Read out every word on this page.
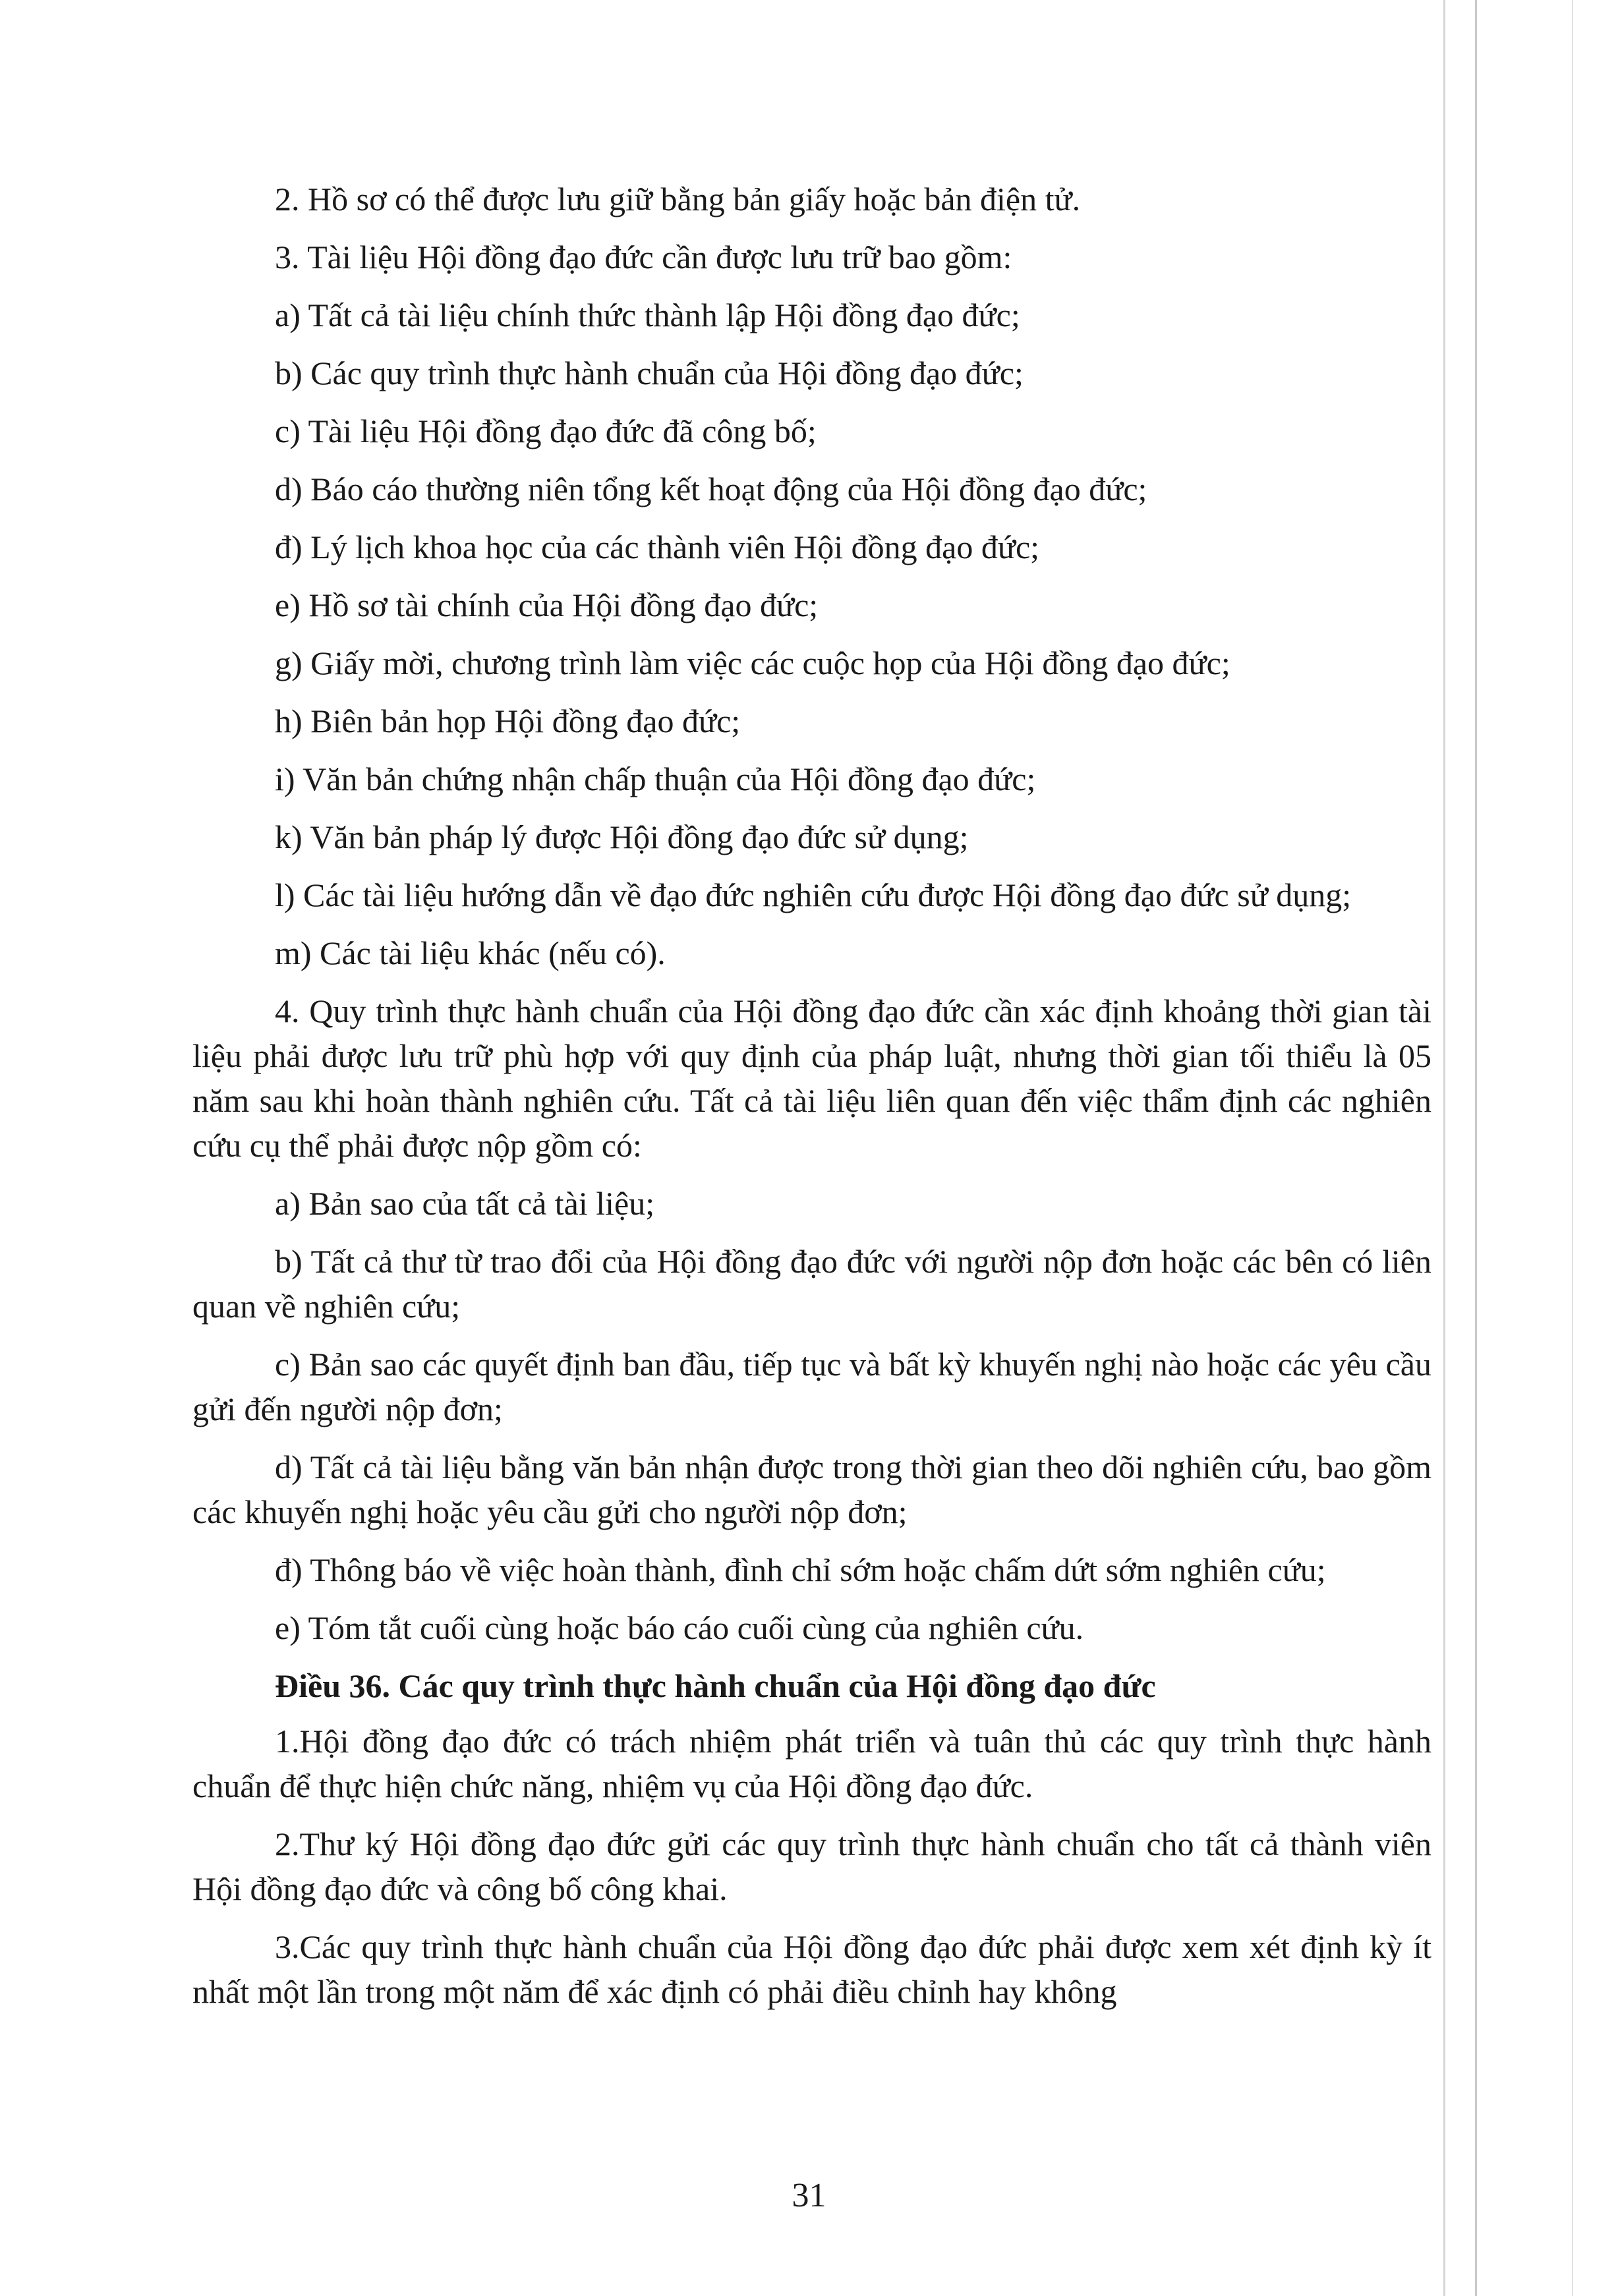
2. Hồ sơ có thể được lưu giữ bằng bản giấy hoặc bản điện tử.

3. Tài liệu Hội đồng đạo đức cần được lưu trữ bao gồm:

a) Tất cả tài liệu chính thức thành lập Hội đồng đạo đức;

b) Các quy trình thực hành chuẩn của Hội đồng đạo đức;

c) Tài liệu Hội đồng đạo đức đã công bố;

d) Báo cáo thường niên tổng kết hoạt động của Hội đồng đạo đức;

đ) Lý lịch khoa học của các thành viên Hội đồng đạo đức;

e) Hồ sơ tài chính của Hội đồng đạo đức;

g) Giấy mời, chương trình làm việc các cuộc họp của Hội đồng đạo đức;

h) Biên bản họp Hội đồng đạo đức;

i) Văn bản chứng nhận chấp thuận của Hội đồng đạo đức;

k) Văn bản pháp lý được Hội đồng đạo đức sử dụng;

l) Các tài liệu hướng dẫn về đạo đức nghiên cứu được Hội đồng đạo đức sử dụng;

m) Các tài liệu khác (nếu có).

4. Quy trình thực hành chuẩn của Hội đồng đạo đức cần xác định khoảng thời gian tài liệu phải được lưu trữ phù hợp với quy định của pháp luật, nhưng thời gian tối thiểu là 05 năm sau khi hoàn thành nghiên cứu. Tất cả tài liệu liên quan đến việc thẩm định các nghiên cứu cụ thể phải được nộp gồm có:

a) Bản sao của tất cả tài liệu;

b) Tất cả thư từ trao đổi của Hội đồng đạo đức với người nộp đơn hoặc các bên có liên quan về nghiên cứu;

c) Bản sao các quyết định ban đầu, tiếp tục và bất kỳ khuyến nghị nào hoặc các yêu cầu gửi đến người nộp đơn;

d) Tất cả tài liệu bằng văn bản nhận được trong thời gian theo dõi nghiên cứu, bao gồm các khuyến nghị hoặc yêu cầu gửi cho người nộp đơn;

đ) Thông báo về việc hoàn thành, đình chỉ sớm hoặc chấm dứt sớm nghiên cứu;

e) Tóm tắt cuối cùng hoặc báo cáo cuối cùng của nghiên cứu.

Điều 36. Các quy trình thực hành chuẩn của Hội đồng đạo đức

1.Hội đồng đạo đức có trách nhiệm phát triển và tuân thủ các quy trình thực hành chuẩn để thực hiện chức năng, nhiệm vụ của Hội đồng đạo đức.

2.Thư ký Hội đồng đạo đức gửi các quy trình thực hành chuẩn cho tất cả thành viên Hội đồng đạo đức và công bố công khai.

3.Các quy trình thực hành chuẩn của Hội đồng đạo đức phải được xem xét định kỳ ít nhất một lần trong một năm để xác định có phải điều chỉnh hay không

31
